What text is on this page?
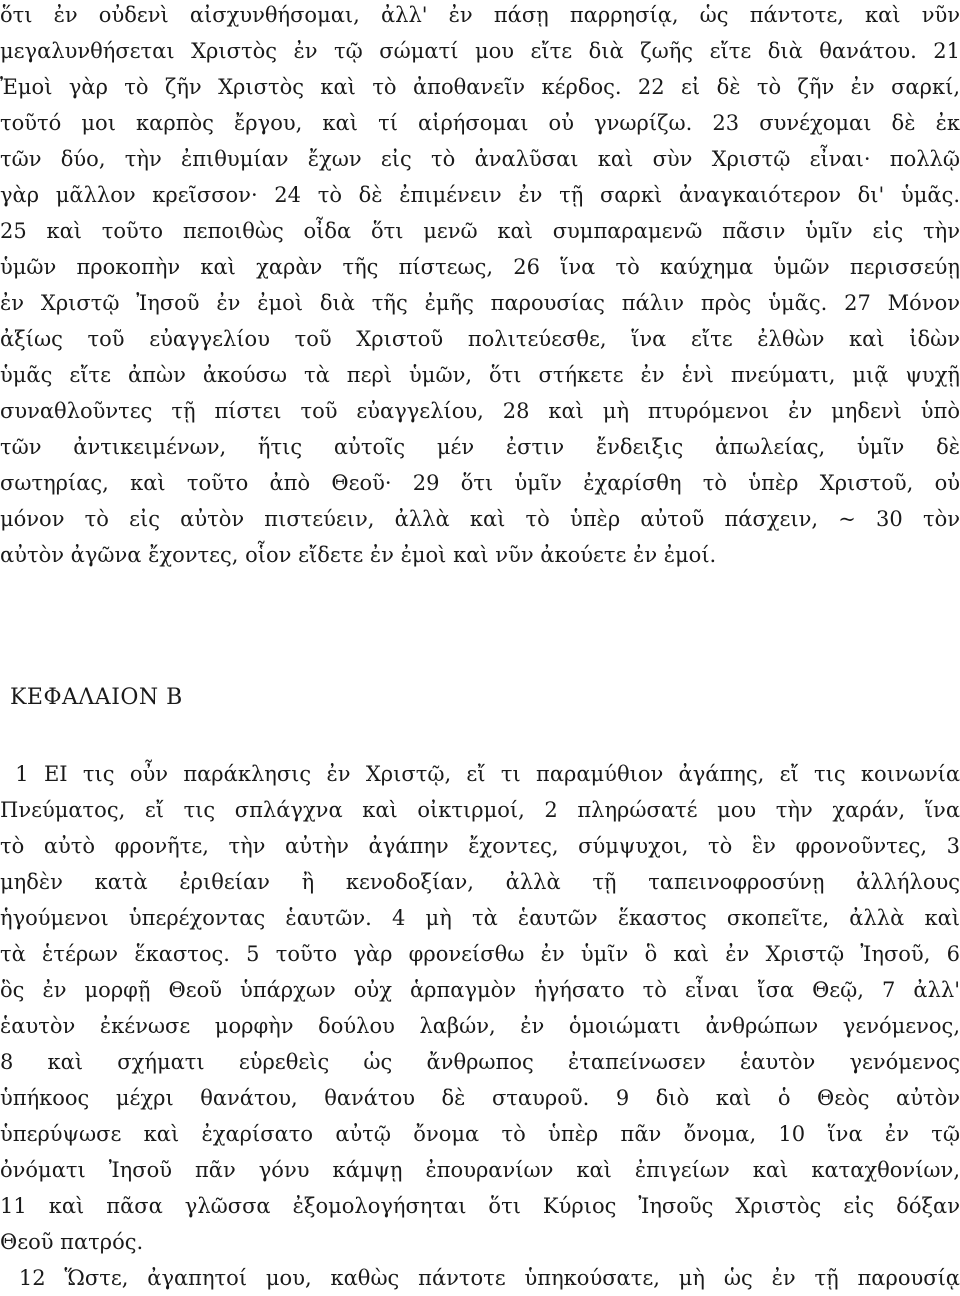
ὅτι ἐν οὐδενὶ αἰσχυνθήσομαι, ἀλλ' ἐν πάσῃ παρρησίᾳ, ὡς πάντοτε, καὶ νῦν
μεγαλυνθήσεται Χριστὸς ἐν τῷ σώματί μου εἴτε διὰ ζωῆς εἴτε διὰ θανάτου. 21
Ἐμοὶ γὰρ τὸ ζῆν Χριστὸς καὶ τὸ ἀποθανεῖν κέρδος. 22 εἰ δὲ τὸ ζῆν ἐν σαρκί,
τοῦτό μοι καρπὸς ἔργου, καὶ τί αἱρήσομαι οὐ γνωρίζω. 23 συνέχομαι δὲ ἐκ
τῶν δύο, τὴν ἐπιθυμίαν ἔχων εἰς τὸ ἀναλῦσαι καὶ σὺν Χριστῷ εἶναι· πολλῷ
γὰρ μᾶλλον κρεῖσσον· 24 τὸ δὲ ἐπιμένειν ἐν τῇ σαρκὶ ἀναγκαιότερον δι' ὑμᾶς.
25 καὶ τοῦτο πεποιθὼς οἶδα ὅτι μενῶ καὶ συμπαραμενῶ πᾶσιν ὑμῖν εἰς τὴν
ὑμῶν προκοπὴν καὶ χαρὰν τῆς πίστεως, 26 ἵνα τὸ καύχημα ὑμῶν περισσεύῃ
ἐν Χριστῷ Ἰησοῦ ἐν ἐμοὶ διὰ τῆς ἐμῆς παρουσίας πάλιν πρὸς ὑμᾶς. 27 Μόνον
ἀξίως τοῦ εὐαγγελίου τοῦ Χριστοῦ πολιτεύεσθε, ἵνα εἴτε ἐλθὼν καὶ ἰδὼν
ὑμᾶς εἴτε ἀπὼν ἀκούσω τὰ περὶ ὑμῶν, ὅτι στήκετε ἐν ἑνὶ πνεύματι, μιᾷ ψυχῇ
συναθλοῦντες τῇ πίστει τοῦ εὐαγγελίου, 28 καὶ μὴ πτυρόμενοι ἐν μηδενὶ ὑπὸ
τῶν ἀντικειμένων, ἥτις αὐτοῖς μέν ἐστιν ἔνδειξις ἀπωλείας, ὑμῖν δὲ
σωτηρίας, καὶ τοῦτο ἀπὸ Θεοῦ· 29 ὅτι ὑμῖν ἐχαρίσθη τὸ ὑπὲρ Χριστοῦ, οὐ
μόνον τὸ εἰς αὐτὸν πιστεύειν, ἀλλὰ καὶ τὸ ὑπὲρ αὐτοῦ πάσχειν, ~ 30 τὸν
αὐτὸν ἀγῶνα ἔχοντες, οἷον εἴδετε ἐν ἐμοὶ καὶ νῦν ἀκούετε ἐν ἐμοί.
ΚΕΦΑΛΑΙΟΝ Β
1 ΕΙ τις οὖν παράκλησις ἐν Χριστῷ, εἴ τι παραμύθιον ἀγάπης, εἴ τις κοινωνία
Πνεύματος, εἴ τις σπλάγχνα καὶ οἰκτιρμοί, 2 πληρώσατέ μου τὴν χαράν, ἵνα
τὸ αὐτὸ φρονῆτε, τὴν αὐτὴν ἀγάπην ἔχοντες, σύμψυχοι, τὸ ἓν φρονοῦντες, 3
μηδὲν κατὰ ἐριθείαν ἢ κενοδοξίαν, ἀλλὰ τῇ ταπεινοφροσύνῃ ἀλλήλους
ἡγούμενοι ὑπερέχοντας ἑαυτῶν. 4 μὴ τὰ ἑαυτῶν ἕκαστος σκοπεῖτε, ἀλλὰ καὶ
τὰ ἑτέρων ἕκαστος. 5 τοῦτο γὰρ φρονείσθω ἐν ὑμῖν ὃ καὶ ἐν Χριστῷ Ἰησοῦ, 6
ὃς ἐν μορφῇ Θεοῦ ὑπάρχων οὐχ ἁρπαγμὸν ἡγήσατο τὸ εἶναι ἴσα Θεῷ, 7 ἀλλ'
ἑαυτὸν ἐκένωσε μορφὴν δούλου λαβών, ἐν ὁμοιώματι ἀνθρώπων γενόμενος,
8 καὶ σχήματι εὑρεθεὶς ὡς ἄνθρωπος ἐταπείνωσεν ἑαυτὸν γενόμενος
ὑπήκοος μέχρι θανάτου, θανάτου δὲ σταυροῦ. 9 διὸ καὶ ὁ Θεὸς αὐτὸν
ὑπερύψωσε καὶ ἐχαρίσατο αὐτῷ ὄνομα τὸ ὑπὲρ πᾶν ὄνομα, 10 ἵνα ἐν τῷ
ὀνόματι Ἰησοῦ πᾶν γόνυ κάμψῃ ἐπουρανίων καὶ ἐπιγείων καὶ καταχθονίων,
11 καὶ πᾶσα γλῶσσα ἐξομολογήσηται ὅτι Κύριος Ἰησοῦς Χριστὸς εἰς δόξαν
Θεοῦ πατρός.
12 Ὥστε, ἀγαπητοί μου, καθὼς πάντοτε ὑπηκούσατε, μὴ ὡς ἐν τῇ παρουσίᾳ
